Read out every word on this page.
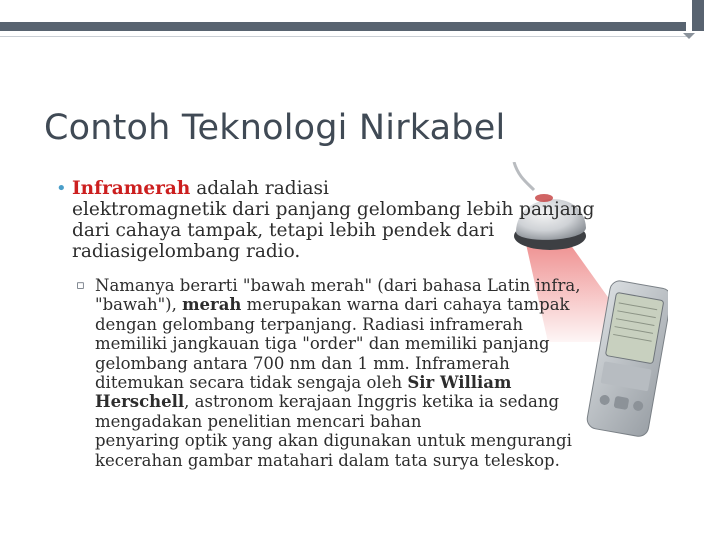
Contoh Teknologi Nirkabel
• Inframerah adalah radiasi
elektromagnetik dari panjang gelombang lebih panjang
dari cahaya tampak, tetapi lebih pendek dari
radiasigelombang radio.
▫ Namanya berarti "bawah merah" (dari bahasa Latin infra,
"bawah"), merah merupakan warna dari cahaya tampak
dengan gelombang terpanjang. Radiasi inframerah
memiliki jangkauan tiga "order" dan memiliki panjang
gelombang antara 700 nm dan 1 mm. Inframerah
ditemukan secara tidak sengaja oleh Sir William
Herschell, astronom kerajaan Inggris ketika ia sedang
mengadakan penelitian mencari bahan
penyaring optik yang akan digunakan untuk mengurangi
kecerahan gambar matahari dalam tata surya teleskop.
